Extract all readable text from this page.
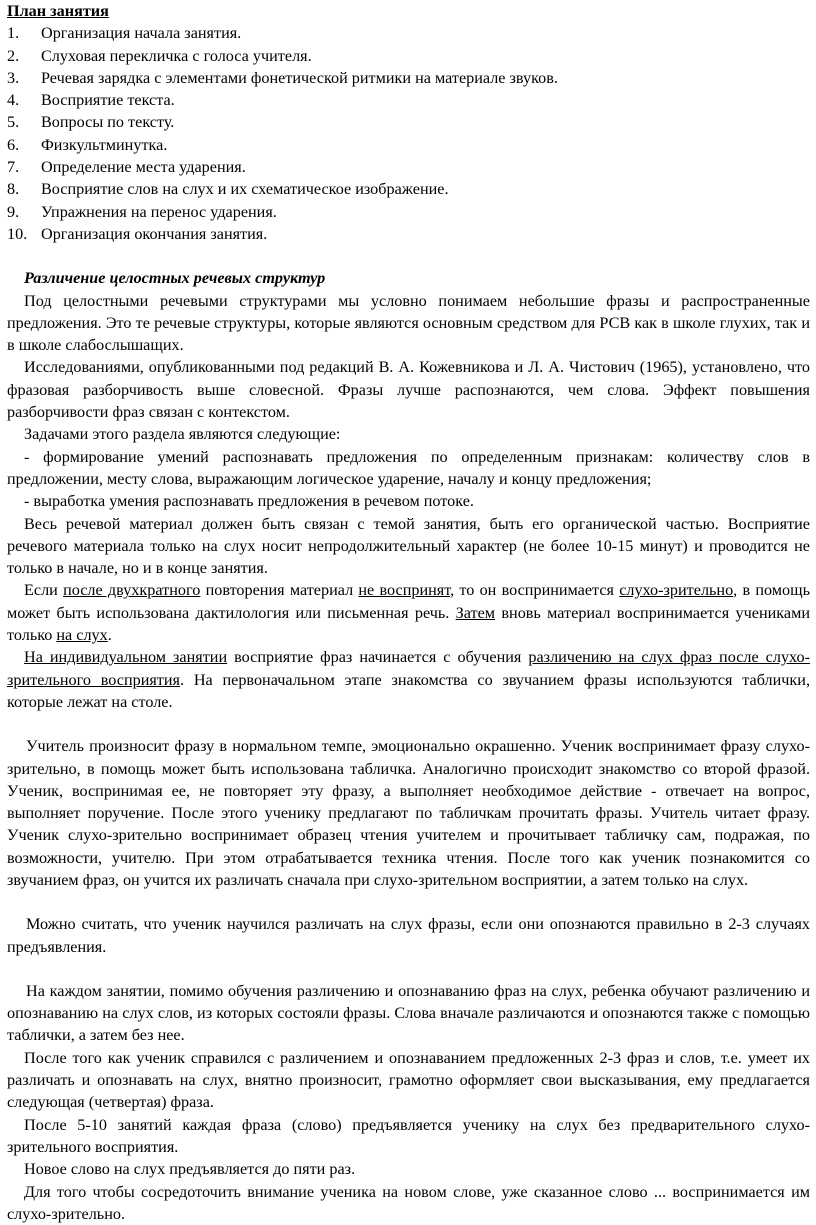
План занятия
1.	Организация начала занятия.
2.	Слуховая перекличка с голоса учителя.
3.	Речевая зарядка с элементами фонетической ритмики на материале звуков.
4.	Восприятие текста.
5.	Вопросы по тексту.
6.	Физкультминутка.
7.	Определение места ударения.
8.	Восприятие слов на слух и их схематическое изображение.
9.	Упражнения на перенос ударения.
10. Организация окончания занятия.
Различение целостных речевых структур

Под целостными речевыми структурами мы условно понимаем небольшие фразы и распространенные предложения. Это те речевые структуры, которые являются основным средством для РСВ как в школе глухих, так и в школе слабослышащих.

Исследованиями, опубликованными под редакций В. А. Кожевникова и Л. А. Чистович (1965), установлено, что фразовая разборчивость выше словесной. Фразы лучше распознаются, чем слова. Эффект повышения разборчивости фраз связан с контекстом.

Задачами этого раздела являются следующие:

- формирование умений распознавать предложения по определенным признакам: количеству слов в предложении, месту слова, выражающим логическое ударение, началу и концу предложения;

- выработка умения распознавать предложения в речевом потоке.

Весь речевой материал должен быть связан с темой занятия, быть его органической частью. Восприятие речевого материала только на слух носит непродолжительный характер (не более 10-15 минут) и проводится не только в начале, но и в конце занятия.

Если после двухкратного повторения материал не воспринят, то он воспринимается слухо-зрительно, в помощь может быть использована дактилология или письменная речь. Затем вновь материал воспринимается учениками только на слух.

На индивидуальном занятии восприятие фраз начинается с обучения различению на слух фраз после слухо-зрительного восприятия. На первоначальном этапе знакомства со звучанием фразы используются таблички, которые лежат на столе.

Учитель произносит фразу в нормальном темпе, эмоционально окрашенно. Ученик воспринимает фразу слухо-зрительно, в помощь может быть использована табличка. Аналогично происходит знакомство со второй фразой. Ученик, воспринимая ее, не повторяет эту фразу, а выполняет необходимое действие - отвечает на вопрос, выполняет поручение. После этого ученику предлагают по табличкам прочитать фразы. Учитель читает фразу. Ученик слухо-зрительно воспринимает образец чтения учителем и прочитывает табличку сам, подражая, по возможности, учителю. При этом отрабатывается техника чтения. После того как ученик познакомится со звучанием фраз, он учится их различать сначала при слухо-зрительном восприятии, а затем только на слух.

Можно считать, что ученик научился различать на слух фразы, если они опознаются правильно в 2-3 случаях предъявления.

На каждом занятии, помимо обучения различению и опознаванию фраз на слух, ребенка обучают различению и опознаванию на слух слов, из которых состояли фразы. Слова вначале различаются и опознаются также с помощью таблички, а затем без нее.

После того как ученик справился с различением и опознаванием предложенных 2-3 фраз и слов, т.е. умеет их различать и опознавать на слух, внятно произносит, грамотно оформляет свои высказывания, ему предлагается следующая (четвертая) фраза.

После 5-10 занятий каждая фраза (слово) предъявляется ученику на слух без предварительного слухо-зрительного восприятия.

Новое слово на слух предъявляется до пяти раз.

Для того чтобы сосредоточить внимание ученика на новом слове, уже сказанное слово ... воспринимается им слухо-зрительно.
